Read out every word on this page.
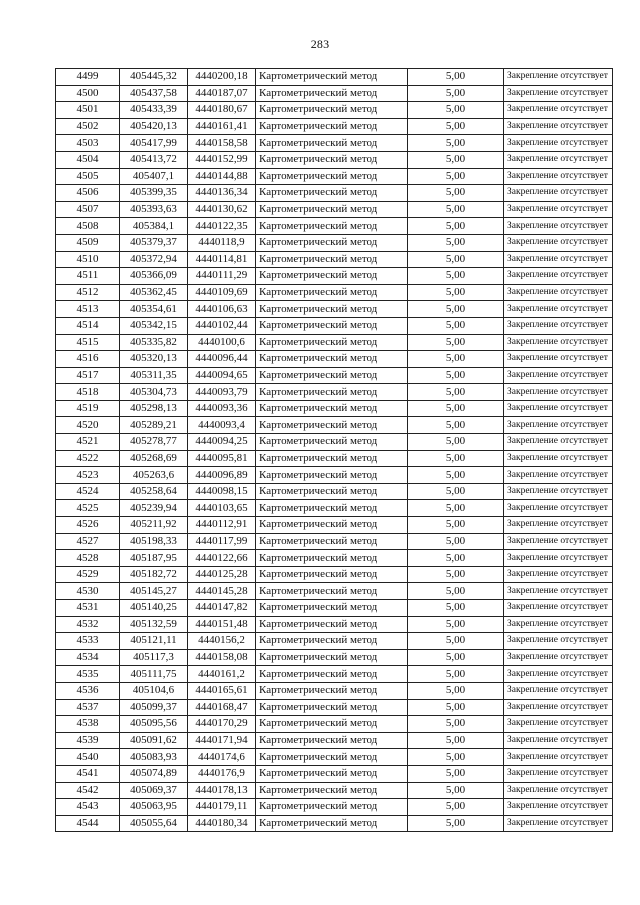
283
4499	405445,32	4440200,18	Картометрический метод	5,00	Закрепление отсутствует
4500	405437,58	4440187,07	Картометрический метод	5,00	Закрепление отсутствует
4501	405433,39	4440180,67	Картометрический метод	5,00	Закрепление отсутствует
4502	405420,13	4440161,41	Картометрический метод	5,00	Закрепление отсутствует
4503	405417,99	4440158,58	Картометрический метод	5,00	Закрепление отсутствует
4504	405413,72	4440152,99	Картометрический метод	5,00	Закрепление отсутствует
4505	405407,1	4440144,88	Картометрический метод	5,00	Закрепление отсутствует
4506	405399,35	4440136,34	Картометрический метод	5,00	Закрепление отсутствует
4507	405393,63	4440130,62	Картометрический метод	5,00	Закрепление отсутствует
4508	405384,1	4440122,35	Картометрический метод	5,00	Закрепление отсутствует
4509	405379,37	4440118,9	Картометрический метод	5,00	Закрепление отсутствует
4510	405372,94	4440114,81	Картометрический метод	5,00	Закрепление отсутствует
4511	405366,09	4440111,29	Картометрический метод	5,00	Закрепление отсутствует
4512	405362,45	4440109,69	Картометрический метод	5,00	Закрепление отсутствует
4513	405354,61	4440106,63	Картометрический метод	5,00	Закрепление отсутствует
4514	405342,15	4440102,44	Картометрический метод	5,00	Закрепление отсутствует
4515	405335,82	4440100,6	Картометрический метод	5,00	Закрепление отсутствует
4516	405320,13	4440096,44	Картометрический метод	5,00	Закрепление отсутствует
4517	405311,35	4440094,65	Картометрический метод	5,00	Закрепление отсутствует
4518	405304,73	4440093,79	Картометрический метод	5,00	Закрепление отсутствует
4519	405298,13	4440093,36	Картометрический метод	5,00	Закрепление отсутствует
4520	405289,21	4440093,4	Картометрический метод	5,00	Закрепление отсутствует
4521	405278,77	4440094,25	Картометрический метод	5,00	Закрепление отсутствует
4522	405268,69	4440095,81	Картометрический метод	5,00	Закрепление отсутствует
4523	405263,6	4440096,89	Картометрический метод	5,00	Закрепление отсутствует
4524	405258,64	4440098,15	Картометрический метод	5,00	Закрепление отсутствует
4525	405239,94	4440103,65	Картометрический метод	5,00	Закрепление отсутствует
4526	405211,92	4440112,91	Картометрический метод	5,00	Закрепление отсутствует
4527	405198,33	4440117,99	Картометрический метод	5,00	Закрепление отсутствует
4528	405187,95	4440122,66	Картометрический метод	5,00	Закрепление отсутствует
4529	405182,72	4440125,28	Картометрический метод	5,00	Закрепление отсутствует
4530	405145,27	4440145,28	Картометрический метод	5,00	Закрепление отсутствует
4531	405140,25	4440147,82	Картометрический метод	5,00	Закрепление отсутствует
4532	405132,59	4440151,48	Картометрический метод	5,00	Закрепление отсутствует
4533	405121,11	4440156,2	Картометрический метод	5,00	Закрепление отсутствует
4534	405117,3	4440158,08	Картометрический метод	5,00	Закрепление отсутствует
4535	405111,75	4440161,2	Картометрический метод	5,00	Закрепление отсутствует
4536	405104,6	4440165,61	Картометрический метод	5,00	Закрепление отсутствует
4537	405099,37	4440168,47	Картометрический метод	5,00	Закрепление отсутствует
4538	405095,56	4440170,29	Картометрический метод	5,00	Закрепление отсутствует
4539	405091,62	4440171,94	Картометрический метод	5,00	Закрепление отсутствует
4540	405083,93	4440174,6	Картометрический метод	5,00	Закрепление отсутствует
4541	405074,89	4440176,9	Картометрический метод	5,00	Закрепление отсутствует
4542	405069,37	4440178,13	Картометрический метод	5,00	Закрепление отсутствует
4543	405063,95	4440179,11	Картометрический метод	5,00	Закрепление отсутствует
4544	405055,64	4440180,34	Картометрический метод	5,00	Закрепление отсутствует
